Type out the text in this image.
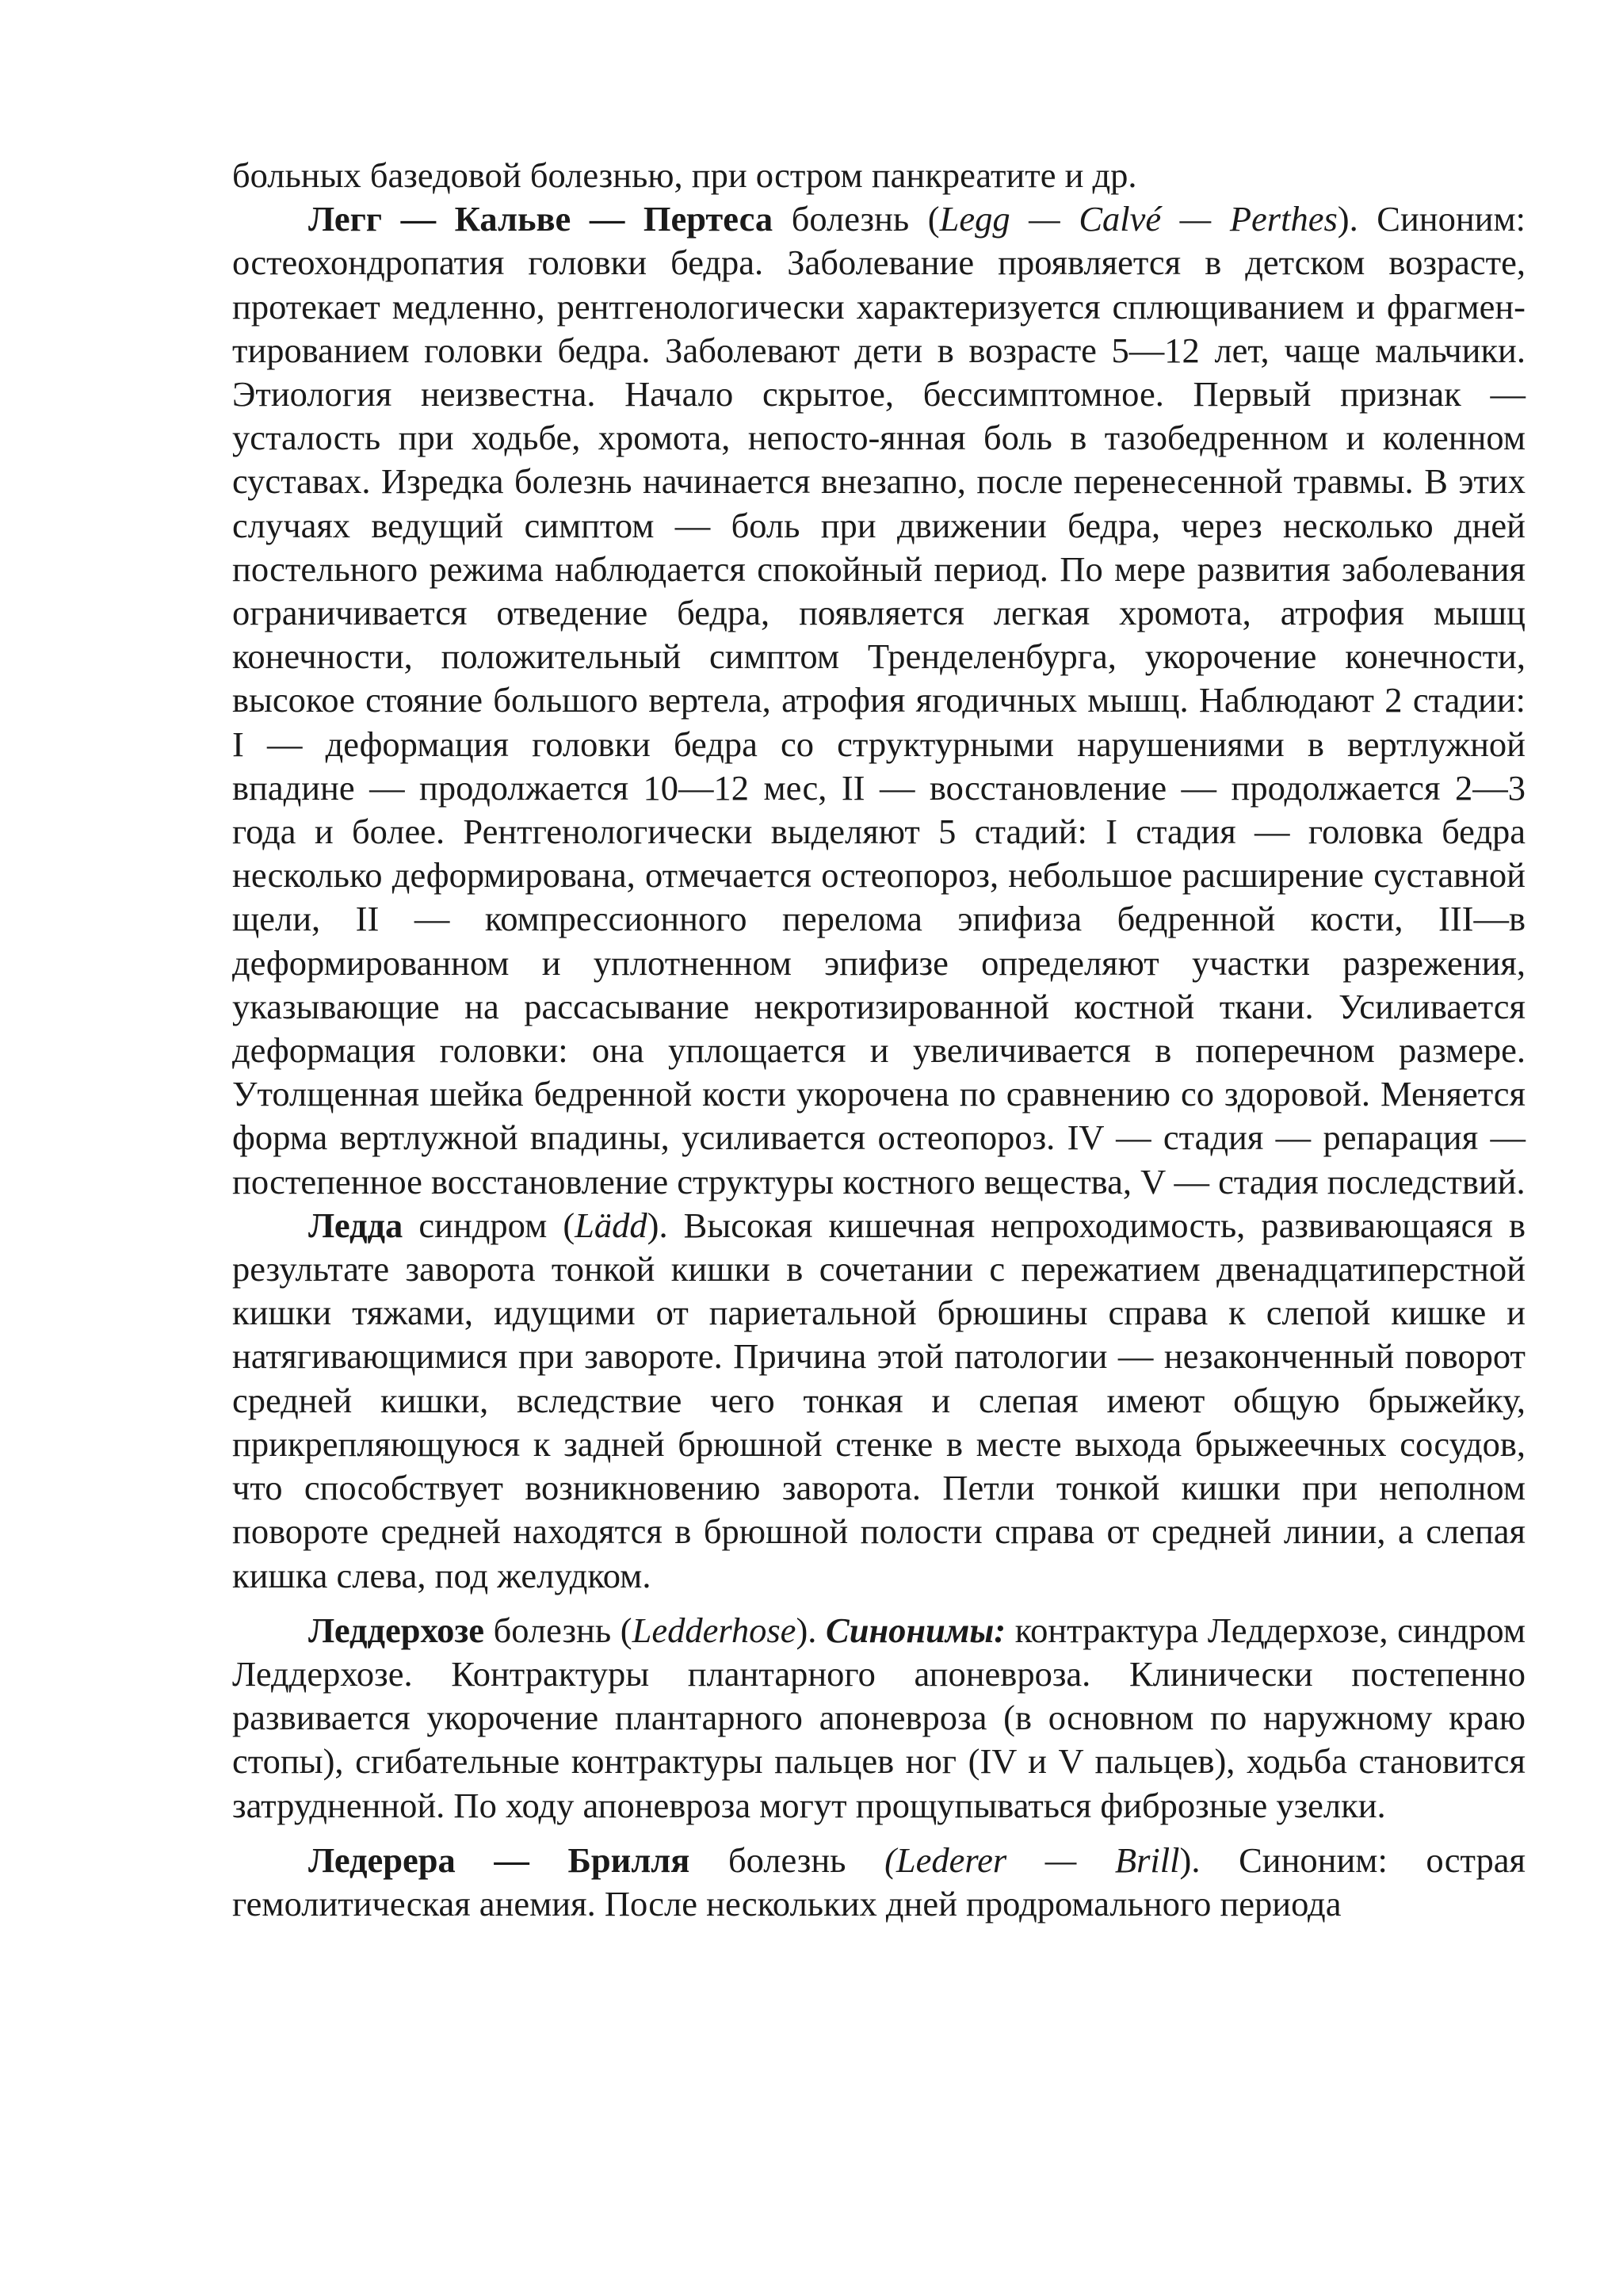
больных базедовой болезнью, при остром панкреатите и др.

Легг — Кальве — Пертеса болезнь (Legg — Calvé — Perthes). Синоним: остеохондропатия головки бедра. Заболевание проявляется в детском возрасте, протекает медленно, рентгенологически характеризуется сплющиванием и фрагмен-тированием головки бедра. Заболевают дети в возрасте 5—12 лет, чаще мальчики. Этиология неизвестна. Начало скрытое, бессимптомное. Первый признак — усталость при ходьбе, хромота, непосто-янная боль в тазобедренном и коленном суставах. Изредка болезнь начинается внезапно, после перенесенной травмы. В этих случаях ведущий симптом — боль при движении бедра, через несколько дней постельного режима наблюдается спокойный период. По мере развития заболевания ограничивается отведение бедра, появляется легкая хромота, атрофия мышц конечности, положительный симптом Тренделенбурга, укорочение конечности, высокое стояние большого вертела, атрофия ягодичных мышц. Наблюдают 2 стадии: I — деформация головки бедра со структурными нарушениями в вертлужной впадине — продолжается 10—12 мес, II — восстановление — продолжается 2—3 года и более. Рентгенологически выделяют 5 стадий: I стадия — головка бедра несколько деформирована, отмечается остеопороз, небольшое расширение суставной щели, II — компрессионного перелома эпифиза бедренной кости, III—в деформированном и уплотненном эпифизе определяют участки разрежения, указывающие на рассасывание некротизированной костной ткани. Усиливается деформация головки: она уплощается и увеличивается в поперечном размере. Утолщенная шейка бедренной кости укорочена по сравнению со здоровой. Меняется форма вертлужной впадины, усиливается остеопороз. IV — стадия — репарация — постепенное восстановление структуры костного вещества, V — стадия последствий.

Ледда синдром (Lädd). Высокая кишечная непроходимость, развивающаяся в результате заворота тонкой кишки в сочетании с пережатием двенадцатиперстной кишки тяжами, идущими от париетальной брюшины справа к слепой кишке и натягивающимися при завороте. Причина этой патологии — незаконченный поворот средней кишки, вследствие чего тонкая и слепая имеют общую брыжейку, прикрепляющуюся к задней брюшной стенке в месте выхода брыжеечных сосудов, что способствует возникновению заворота. Петли тонкой кишки при неполном повороте средней находятся в брюшной полости справа от средней линии, а слепая кишка слева, под желудком.

Леддерхозе болезнь (Ledderhose). Синонимы: контрактура Леддерхозе, синдром Леддерхозе. Контрактуры плантарного апоневроза. Клинически постепенно развивается укорочение плантарного апоневроза (в основном по наружному краю стопы), сгибательные контрактуры пальцев ног (IV и V пальцев), ходьба становится затрудненной. По ходу апоневроза могут прощупываться фиброзные узелки.

Ледерера — Брилля болезнь (Lederer — Brill). Синоним: острая гемолитическая анемия. После нескольких дней продромального периода
